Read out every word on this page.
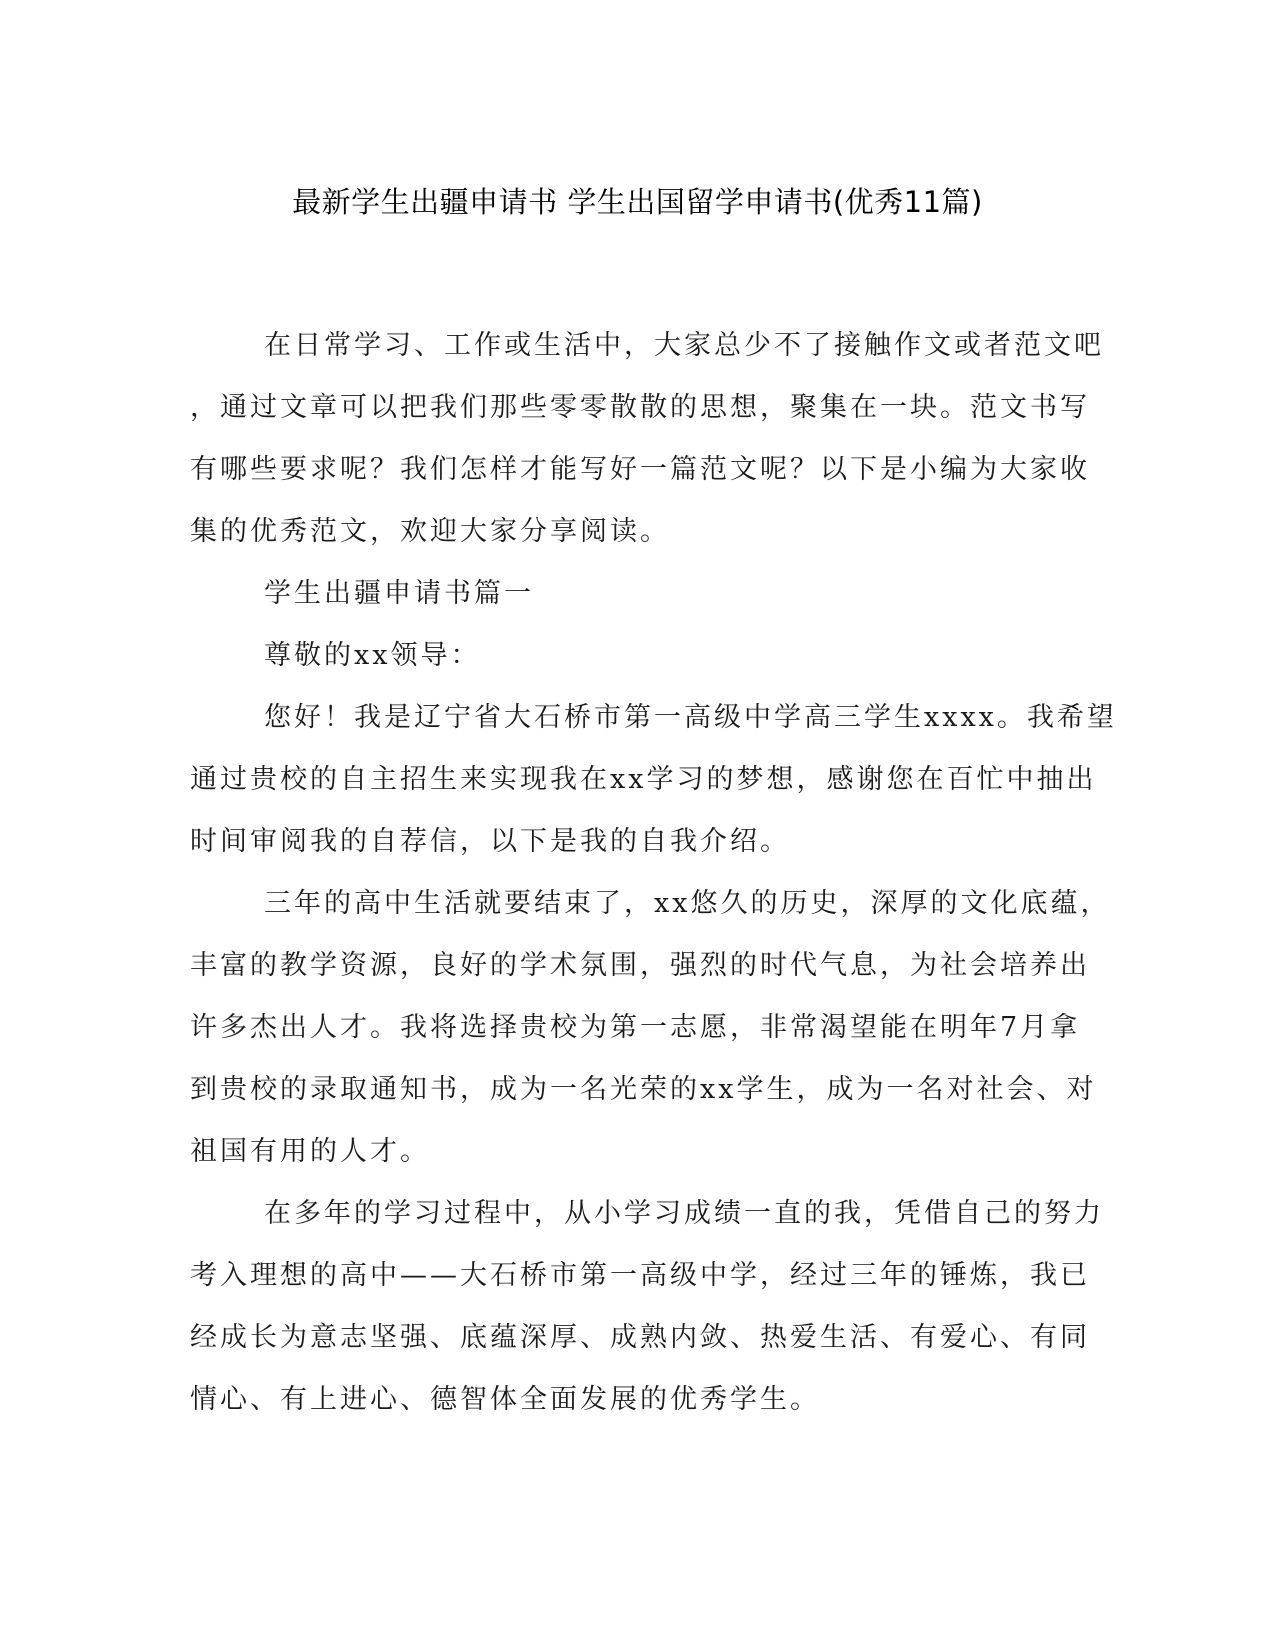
最新学生出疆申请书 学生出国留学申请书(优秀11篇)

在日常学习、工作或生活中，大家总少不了接触作文或者范文吧

，通过文章可以把我们那些零零散散的思想，聚集在一块。范文书写

有哪些要求呢？我们怎样才能写好一篇范文呢？以下是小编为大家收

集的优秀范文，欢迎大家分享阅读。

学生出疆申请书篇一

尊敬的xx领导：

您好！我是辽宁省大石桥市第一高级中学高三学生xxxx。我希望

通过贵校的自主招生来实现我在xx学习的梦想，感谢您在百忙中抽出

时间审阅我的自荐信，以下是我的自我介绍。

三年的高中生活就要结束了，xx悠久的历史，深厚的文化底蕴，

丰富的教学资源，良好的学术氛围，强烈的时代气息，为社会培养出

许多杰出人才。我将选择贵校为第一志愿，非常渴望能在明年7月拿

到贵校的录取通知书，成为一名光荣的xx学生，成为一名对社会、对

祖国有用的人才。

在多年的学习过程中，从小学习成绩一直的我，凭借自己的努力

考入理想的高中——大石桥市第一高级中学，经过三年的锤炼，我已

经成长为意志坚强、底蕴深厚、成熟内敛、热爱生活、有爱心、有同

情心、有上进心、德智体全面发展的优秀学生。
